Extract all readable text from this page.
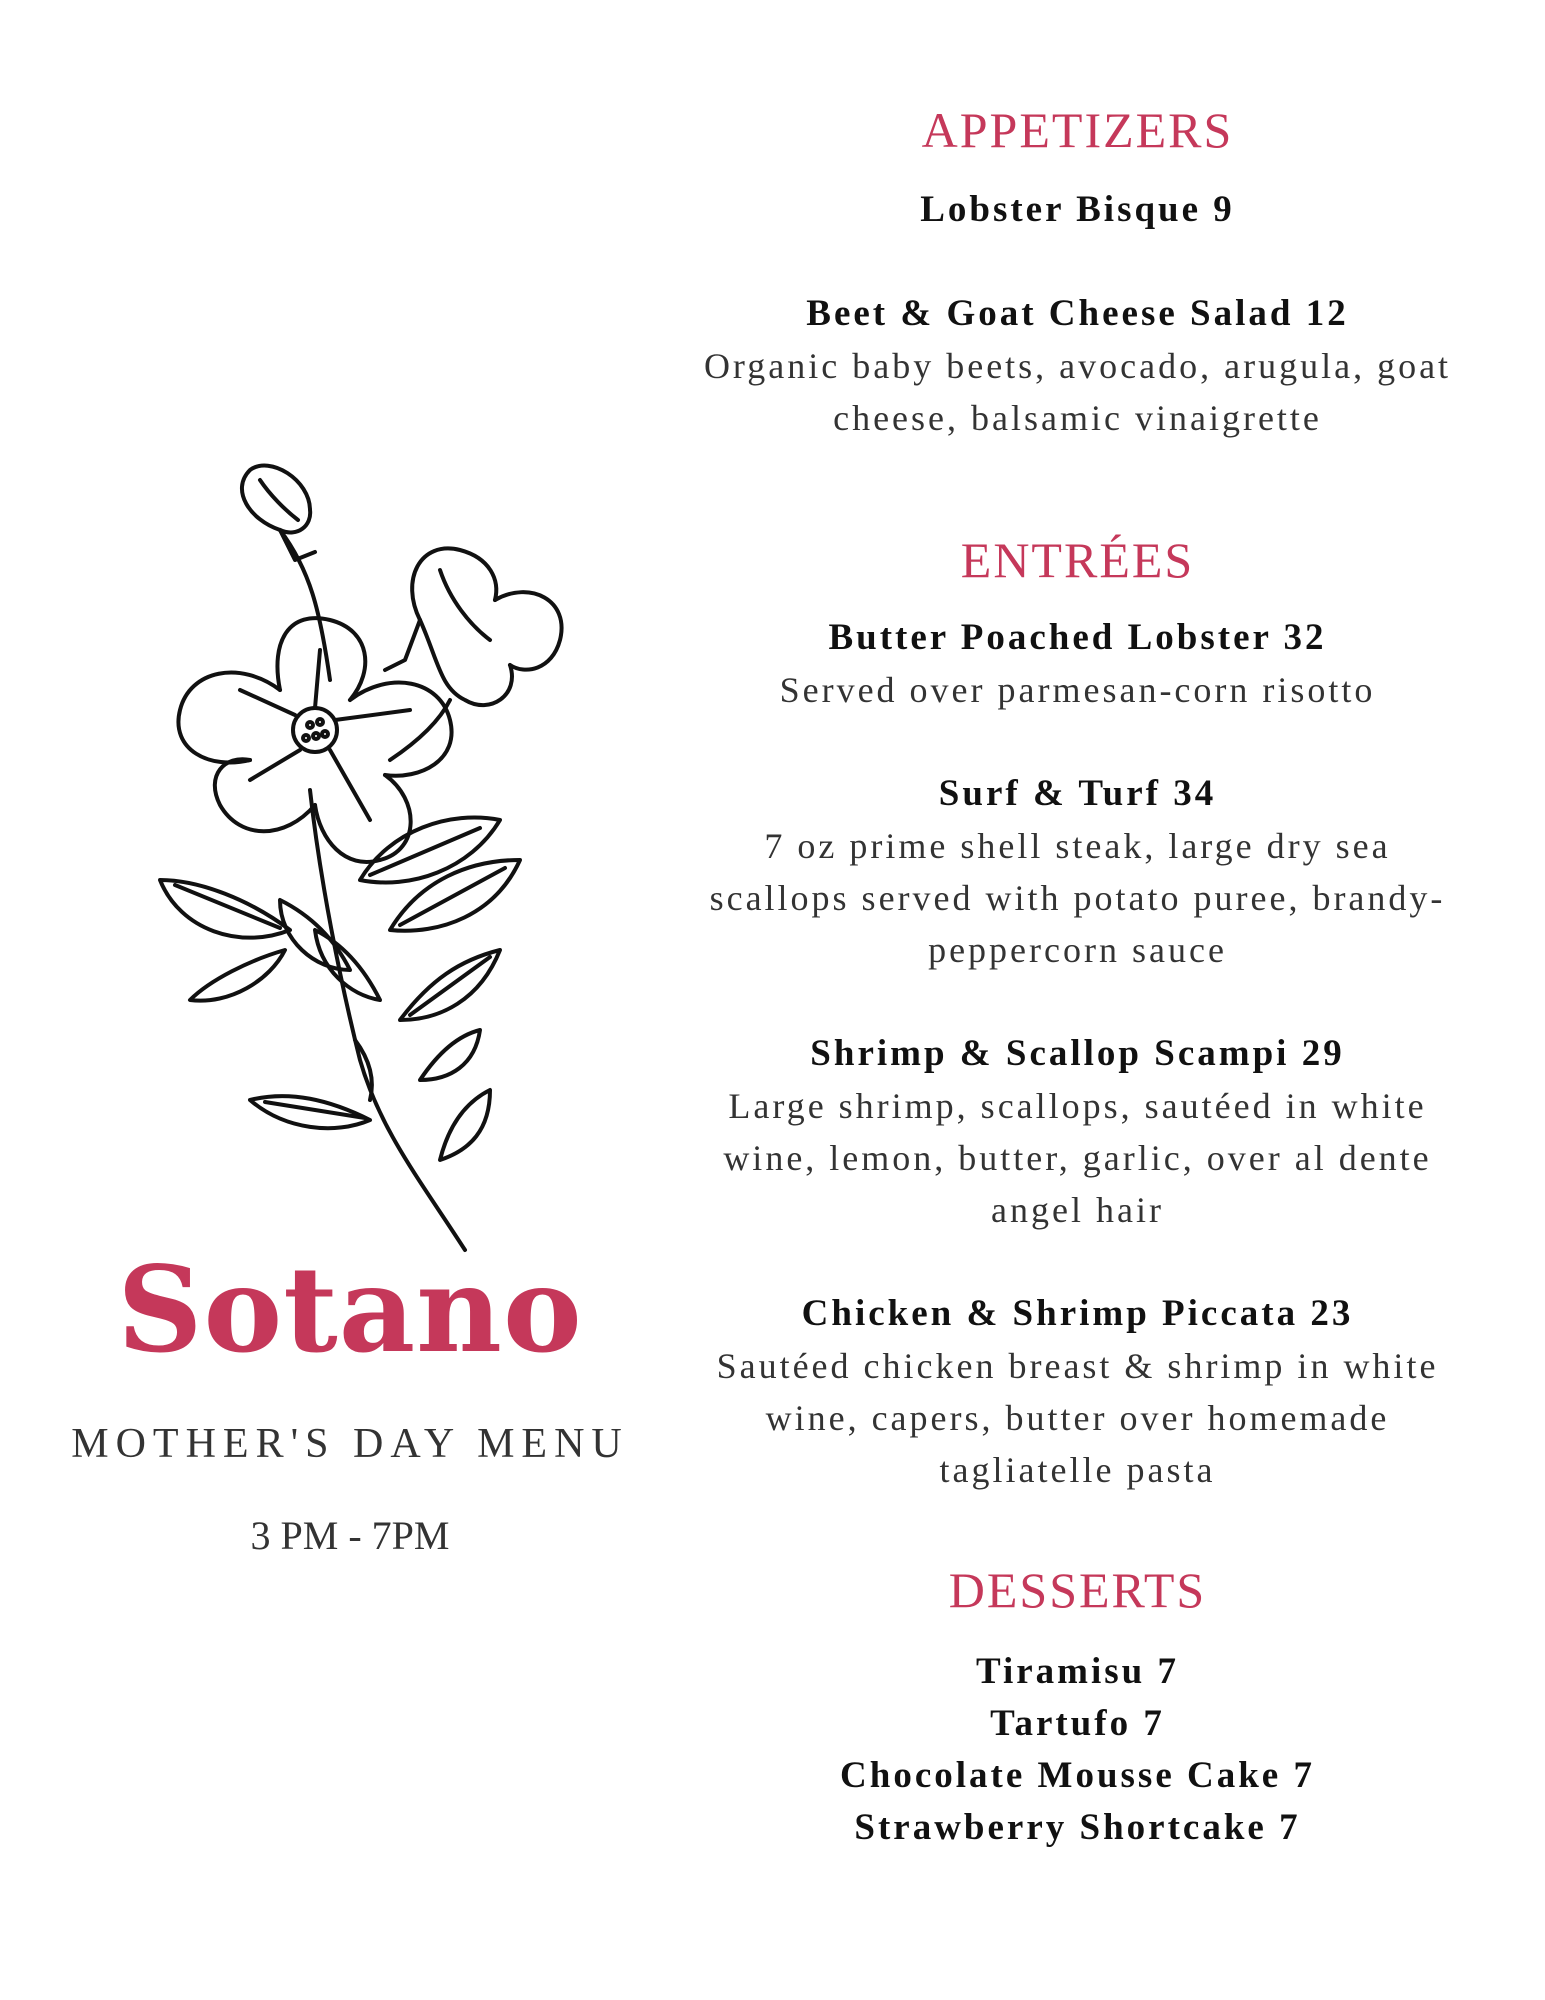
Sotano
MOTHER'S DAY MENU
3 PM - 7PM
APPETIZERS
Lobster Bisque 9
Beet & Goat Cheese Salad 12
Organic baby beets, avocado, arugula, goat
cheese, balsamic vinaigrette
ENTRÉES
Butter Poached Lobster 32
Served over parmesan-corn risotto
Surf & Turf 34
7 oz prime shell steak, large dry sea
scallops served with potato puree, brandy-
peppercorn sauce
Shrimp & Scallop Scampi 29
Large shrimp, scallops, sautéed in white
wine, lemon, butter, garlic, over al dente
angel hair
Chicken & Shrimp Piccata 23
Sautéed chicken breast & shrimp in white
wine, capers, butter over homemade
tagliatelle pasta
DESSERTS
Tiramisu 7
Tartufo 7
Chocolate Mousse Cake 7
Strawberry Shortcake 7
